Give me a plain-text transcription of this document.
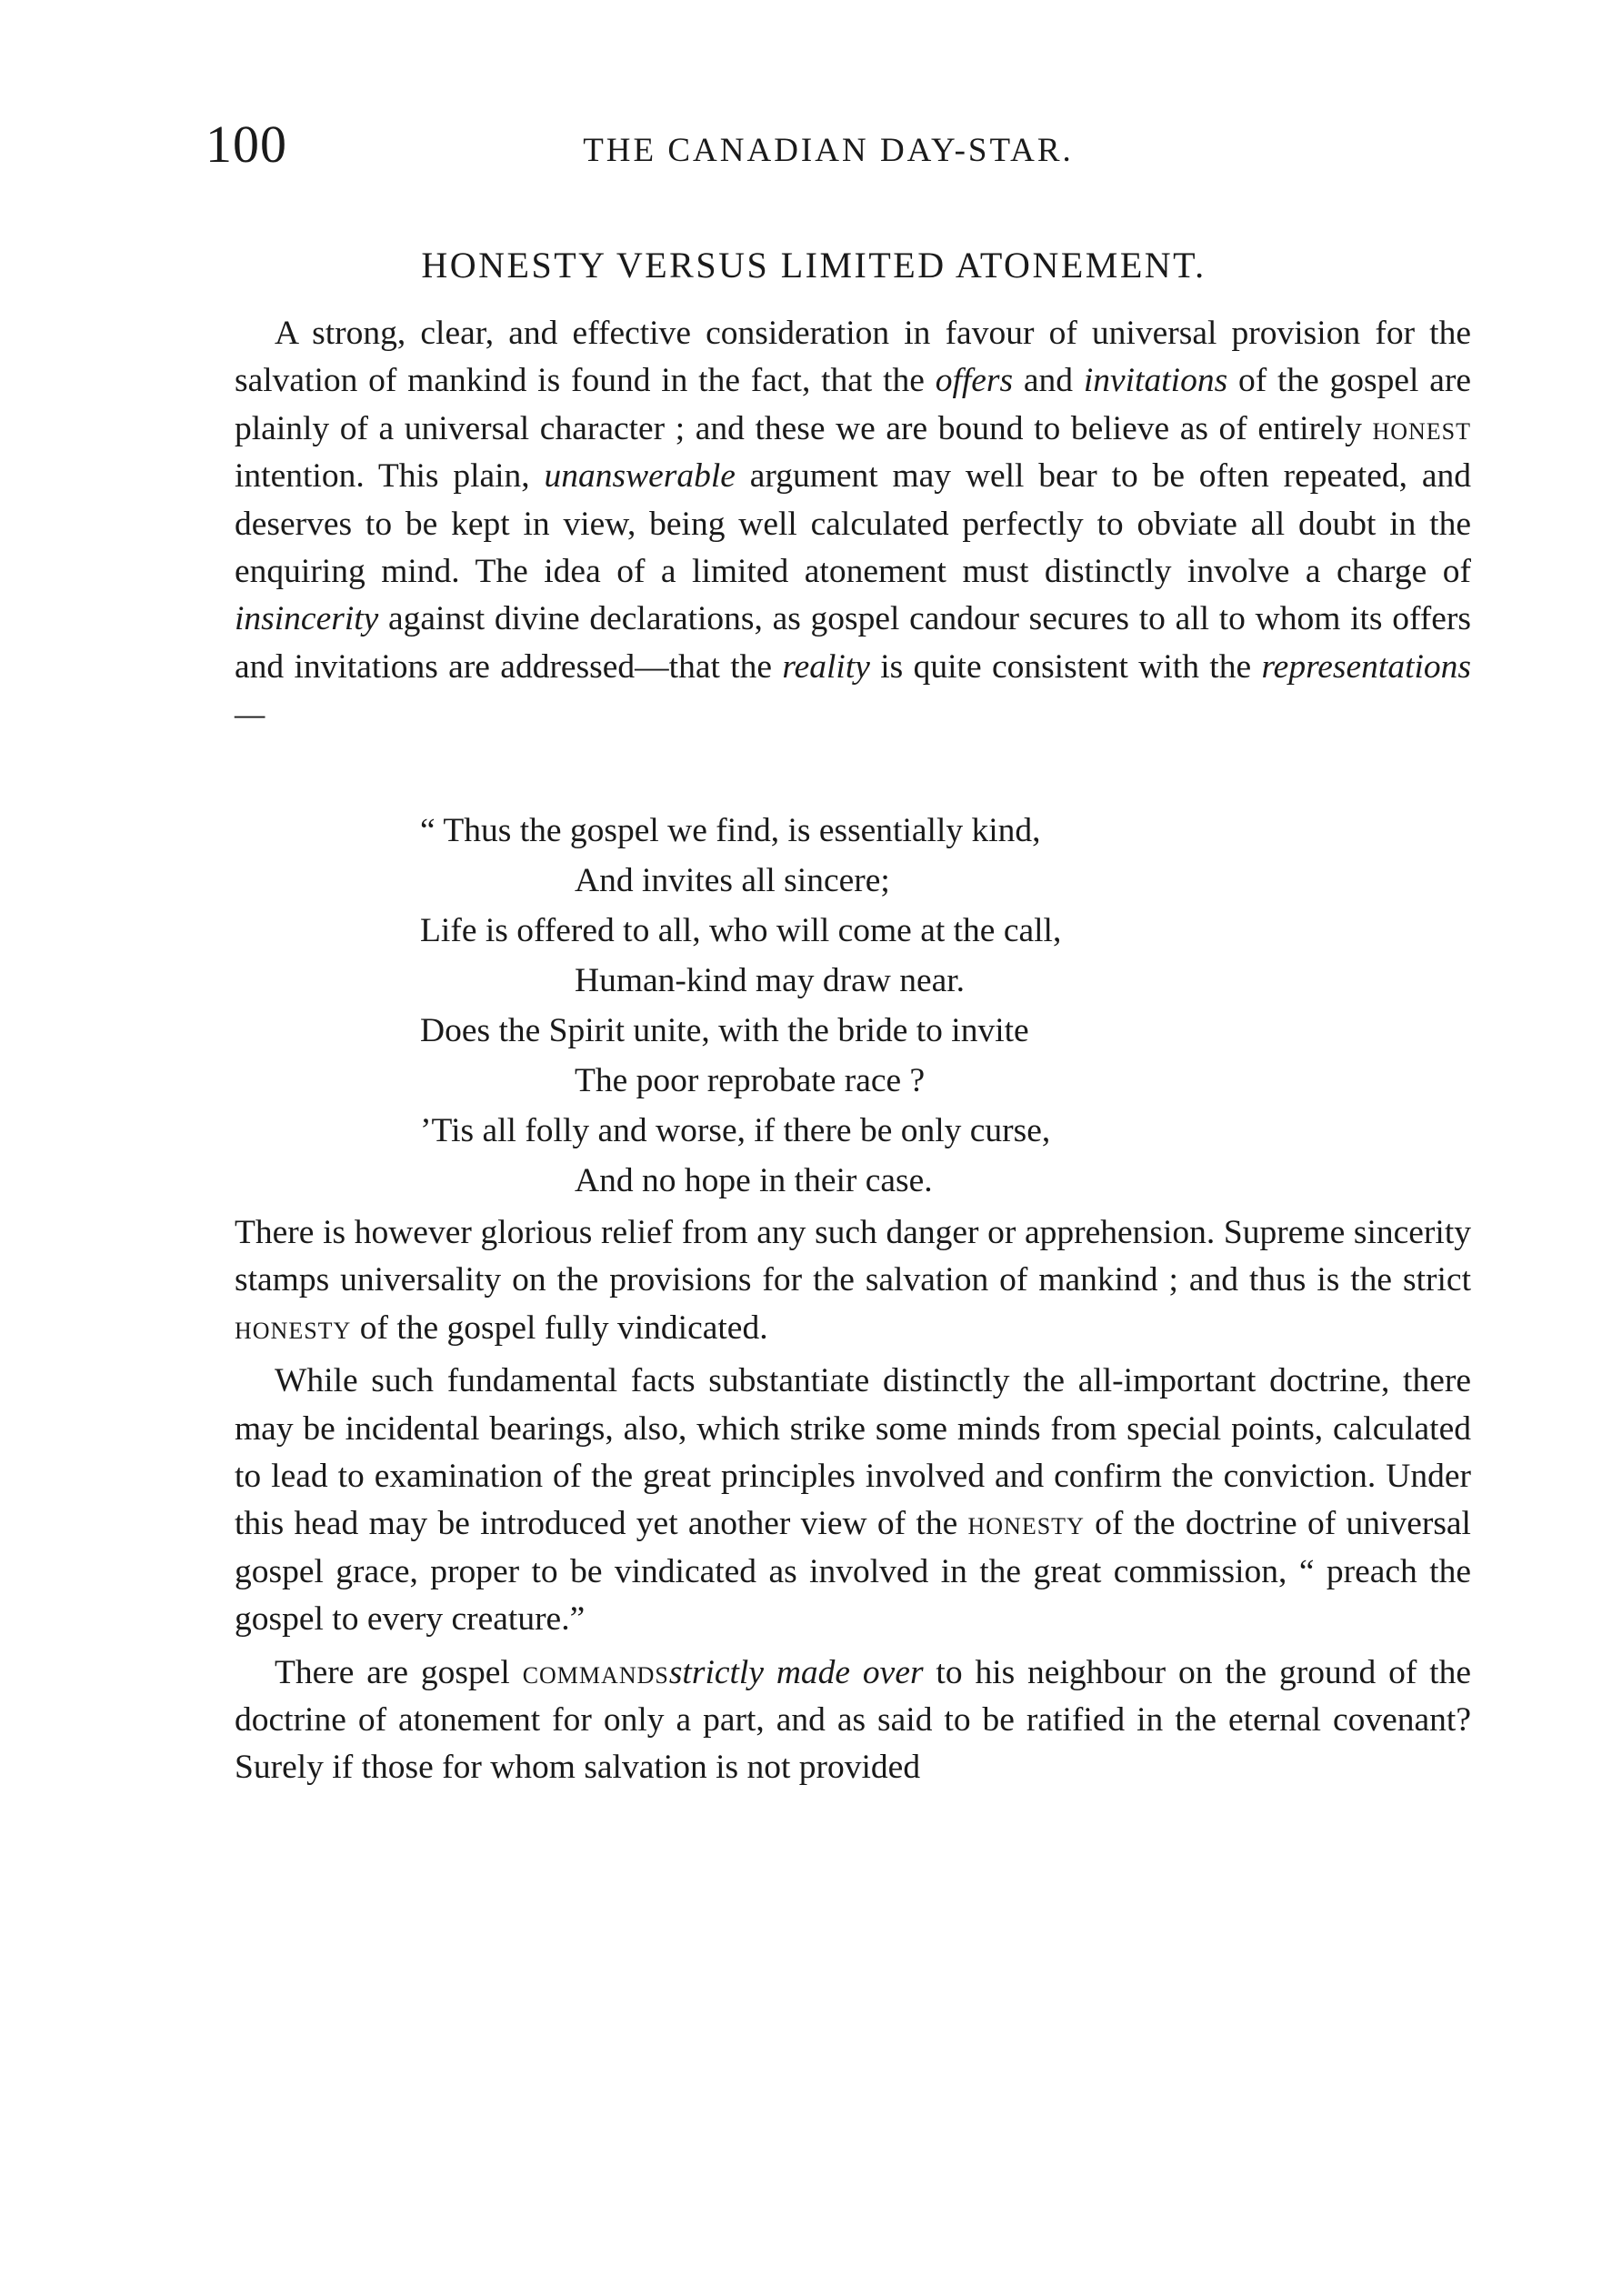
100	THE CANADIAN DAY-STAR.
HONESTY VERSUS LIMITED ATONEMENT.

A strong, clear, and effective consideration in favour of universal provision for the salvation of mankind is found in the fact, that the offers and invitations of the gospel are plainly of a universal character ; and these we are bound to believe as of entirely honest intention. This plain, unanswerable argument may well bear to be often repeated, and deserves to be kept in view, being well calculated perfectly to obviate all doubt in the enquiring mind. The idea of a limited atonement must distinctly involve a charge of insincerity against divine declarations, as gospel candour secures to all to whom its offers and invitations are addressed—that the reality is quite consistent with the representations—

“ Thus the gospel we find, is essentially kind,
And invites all sincere;
Life is offered to all, who will come at the call,
Human-kind may draw near.
Does the Spirit unite, with the bride to invite
The poor reprobate race ?
’Tis all folly and worse, if there be only curse,
And no hope in their case.

There is however glorious relief from any such danger or apprehension. Supreme sincerity stamps universality on the provisions for the salvation of mankind ; and thus is the strict honesty of the gospel fully vindicated.

While such fundamental facts substantiate distinctly the all-important doctrine, there may be incidental bearings, also, which strike some minds from special points, calculated to lead to examination of the great principles involved and confirm the conviction. Under this head may be introduced yet another view of the honesty of the doctrine of universal gospel grace, proper to be vindicated as involved in the great commission, “ preach the gospel to every creature.”

There are gospel commandsstrictly made over to his neighbour on the ground of the doctrine of atonement for only a part, and as said to be ratified in the eternal covenant? Surely if those for whom salvation is not provided
